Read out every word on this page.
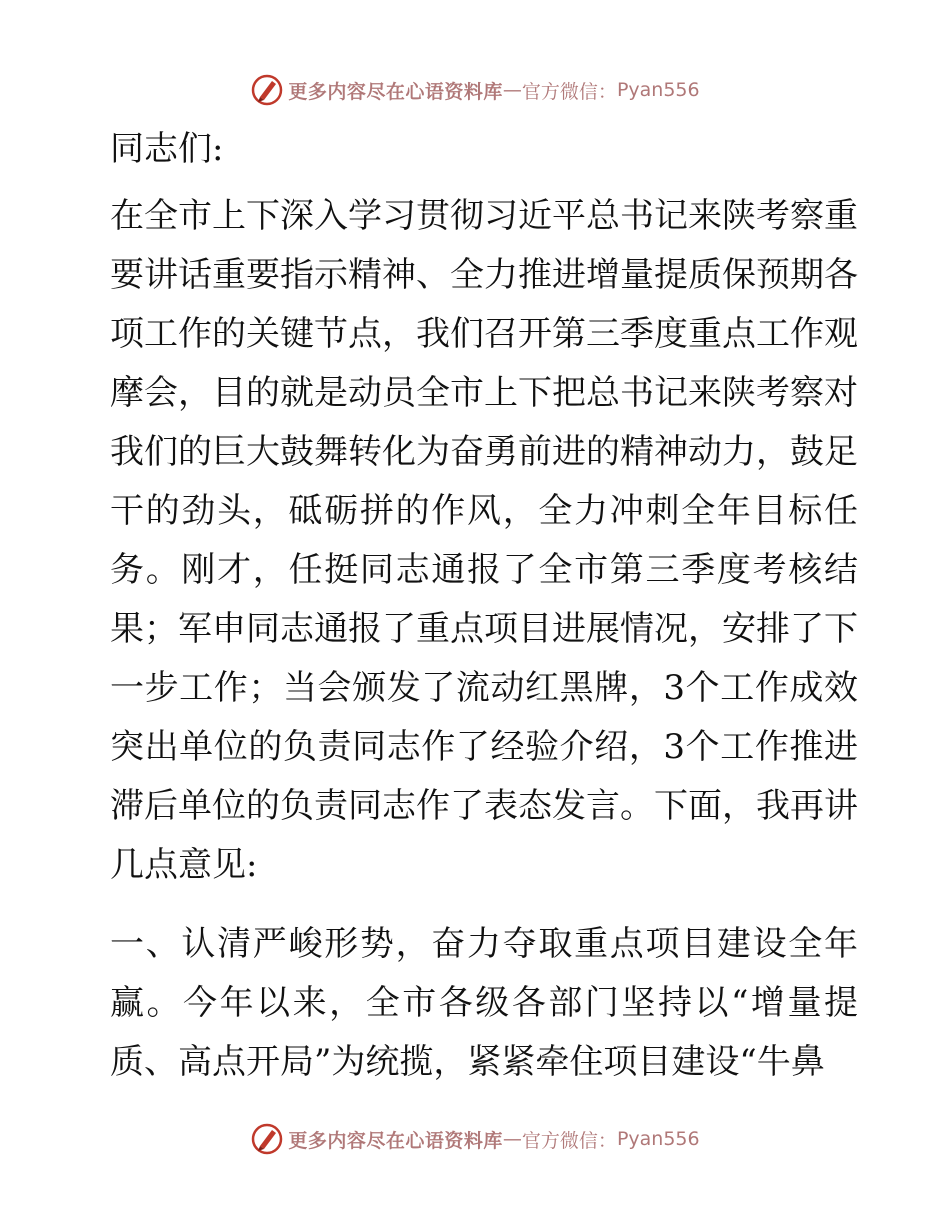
更多内容尽在心语资料库 — 官方微信： Pyan556

同志们:

在全市上下深入学习贯彻习近平总书记来陕考察重要讲话重要指示精神、全力推进增量提质保预期各项工作的关键节点，我们召开第三季度重点工作观摩会，目的就是动员全市上下把总书记来陕考察对我们的巨大鼓舞转化为奋勇前进的精神动力，鼓足干的劲头，砥砺拼的作风，全力冲刺全年目标任务。刚才，任挺同志通报了全市第三季度考核结果；军申同志通报了重点项目进展情况，安排了下一步工作；当会颁发了流动红黑牌，3个工作成效突出单位的负责同志作了经验介绍，3个工作推进滞后单位的负责同志作了表态发言。下面，我再讲几点意见:

一、认清严峻形势，奋力夺取重点项目建设全年赢。今年以来，全市各级各部门坚持以“增量提质、高点开局”为统揽，紧紧牵住项目建设“牛鼻

更多内容尽在心语资料库 — 官方微信： Pyan556
